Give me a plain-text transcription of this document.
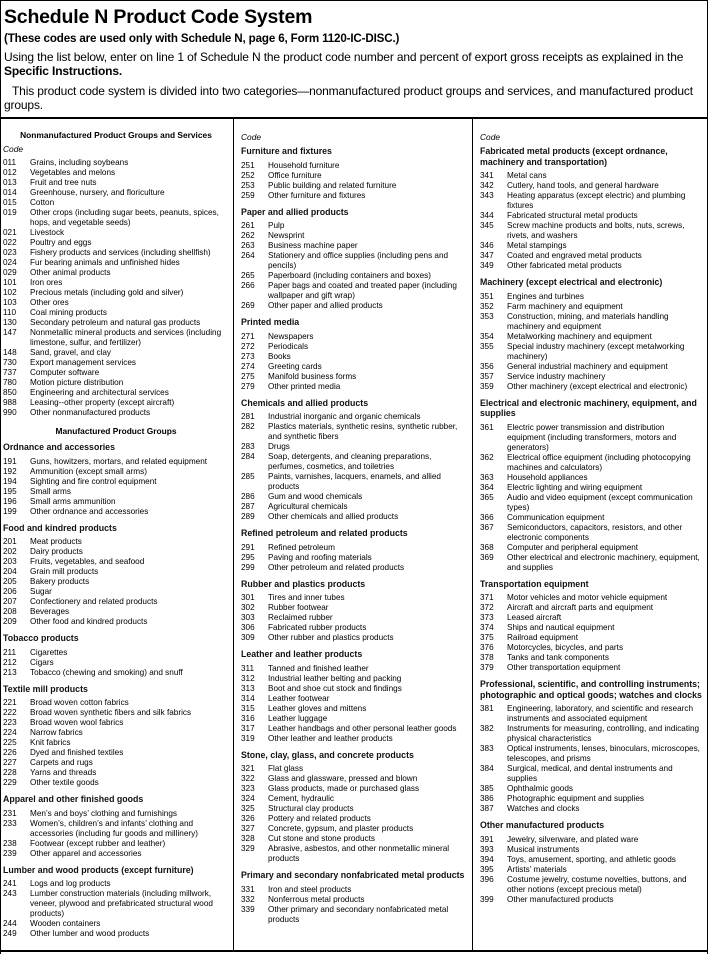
Schedule N Product Code System
(These codes are used only with Schedule N, page 6, Form 1120-IC-DISC.)
Using the list below, enter on line 1 of Schedule N the product code number and percent of export gross receipts as explained in the Specific Instructions.
This product code system is divided into two categories—nonmanufactured product groups and services, and manufactured product groups.
Nonmanufactured Product Groups and Services
Code
011	Grains, including soybeans
012	Vegetables and melons
013	Fruit and tree nuts
014	Greenhouse, nursery, and floriculture
015	Cotton
019	Other crops (including sugar beets, peanuts, spices, hops, and vegetable seeds)
021	Livestock
022	Poultry and eggs
023	Fishery products and services (including shellfish)
024	Fur bearing animals and unfinished hides
029	Other animal products
101	Iron ores
102	Precious metals (including gold and silver)
103	Other ores
110	Coal mining products
130	Secondary petroleum and natural gas products
147	Nonmetallic mineral products and services (including limestone, sulfur, and fertilizer)
148	Sand, gravel, and clay
730	Export management services
737	Computer software
780	Motion picture distribution
850	Engineering and architectural services
988	Leasing--other property (except aircraft)
990	Other nonmanufactured products
Manufactured Product Groups
Ordnance and accessories
191	Guns, howitzers, mortars, and related equipment
192	Ammunition (except small arms)
194	Sighting and fire control equipment
195	Small arms
196	Small arms ammunition
199	Other ordnance and accessories
Food and kindred products
201	Meat products
202	Dairy products
203	Fruits, vegetables, and seafood
204	Grain mill products
205	Bakery products
206	Sugar
207	Confectionery and related products
208	Beverages
209	Other food and kindred products
Tobacco products
211	Cigarettes
212	Cigars
213	Tobacco (chewing and smoking) and snuff
Textile mill products
221	Broad woven cotton fabrics
222	Broad woven synthetic fibers and silk fabrics
223	Broad woven wool fabrics
224	Narrow fabrics
225	Knit fabrics
226	Dyed and finished textiles
227	Carpets and rugs
228	Yarns and threads
229	Other textile goods
Apparel and other finished goods
231	Men’s and boys’ clothing and furnishings
233	Women’s, children’s and infants’ clothing and accessories (including fur goods and millinery)
238	Footwear (except rubber and leather)
239	Other apparel and accessories
Lumber and wood products (except furniture)
241	Logs and log products
243	Lumber construction materials (including millwork, veneer, plywood and prefabricated structural wood products)
244	Wooden containers
249	Other lumber and wood products
Code
Furniture and fixtures
251	Household furniture
252	Office furniture
253	Public building and related furniture
259	Other furniture and fixtures
Paper and allied products
261	Pulp
262	Newsprint
263	Business machine paper
264	Stationery and office supplies (including pens and pencils)
265	Paperboard (including containers and boxes)
266	Paper bags and coated and treated paper (including wallpaper and gift wrap)
269	Other paper and allied products
Printed media
271	Newspapers
272	Periodicals
273	Books
274	Greeting cards
275	Manifold business forms
279	Other printed media
Chemicals and allied products
281	Industrial inorganic and organic chemicals
282	Plastics materials, synthetic resins, synthetic rubber, and synthetic fibers
283	Drugs
284	Soap, detergents, and cleaning preparations, perfumes, cosmetics, and toiletries
285	Paints, varnishes, lacquers, enamels, and allied products
286	Gum and wood chemicals
287	Agricultural chemicals
289	Other chemicals and allied products
Refined petroleum and related products
291	Refined petroleum
295	Paving and roofing materials
299	Other petroleum and related products
Rubber and plastics products
301	Tires and inner tubes
302	Rubber footwear
303	Reclaimed rubber
306	Fabricated rubber products
309	Other rubber and plastics products
Leather and leather products
311	Tanned and finished leather
312	Industrial leather belting and packing
313	Boot and shoe cut stock and findings
314	Leather footwear
315	Leather gloves and mittens
316	Leather luggage
317	Leather handbags and other personal leather goods
319	Other leather and leather products
Stone, clay, glass, and concrete products
321	Flat glass
322	Glass and glassware, pressed and blown
323	Glass products, made or purchased glass
324	Cement, hydraulic
325	Structural clay products
326	Pottery and related products
327	Concrete, gypsum, and plaster products
328	Cut stone and stone products
329	Abrasive, asbestos, and other nonmetallic mineral products
Primary and secondary nonfabricated metal products
331	Iron and steel products
332	Nonferrous metal products
339	Other primary and secondary nonfabricated metal products
Code
Fabricated metal products (except ordnance, machinery and transportation)
341	Metal cans
342	Cutlery, hand tools, and general hardware
343	Heating apparatus (except electric) and plumbing fixtures
344	Fabricated structural metal products
345	Screw machine products and bolts, nuts, screws, rivets, and washers
346	Metal stampings
347	Coated and engraved metal products
349	Other fabricated metal products
Machinery (except electrical and electronic)
351	Engines and turbines
352	Farm machinery and equipment
353	Construction, mining, and materials handling machinery and equipment
354	Metalworking machinery and equipment
355	Special industry machinery (except metalworking machinery)
356	General industrial machinery and equipment
357	Service industry machinery
359	Other machinery (except electrical and electronic)
Electrical and electronic machinery, equipment, and supplies
361	Electric power transmission and distribution equipment (including transformers, motors and generators)
362	Electrical office equipment (including photocopying machines and calculators)
363	Household appliances
364	Electric lighting and wiring equipment
365	Audio and video equipment (except communication types)
366	Communication equipment
367	Semiconductors, capacitors, resistors, and other electronic components
368	Computer and peripheral equipment
369	Other electrical and electronic machinery, equipment, and supplies
Transportation equipment
371	Motor vehicles and motor vehicle equipment
372	Aircraft and aircraft parts and equipment
373	Leased aircraft
374	Ships and nautical equipment
375	Railroad equipment
376	Motorcycles, bicycles, and parts
378	Tanks and tank components
379	Other transportation equipment
Professional, scientific, and controlling instruments; photographic and optical goods; watches and clocks
381	Engineering, laboratory, and scientific and research instruments and associated equipment
382	Instruments for measuring, controlling, and indicating physical characteristics
383	Optical instruments, lenses, binoculars, microscopes, telescopes, and prisms
384	Surgical, medical, and dental instruments and supplies
385	Ophthalmic goods
386	Photographic equipment and supplies
387	Watches and clocks
Other manufactured products
391	Jewelry, silverware, and plated ware
393	Musical instruments
394	Toys, amusement, sporting, and athletic goods
395	Artists’ materials
396	Costume jewelry, costume novelties, buttons, and other notions (except precious metal)
399	Other manufactured products
